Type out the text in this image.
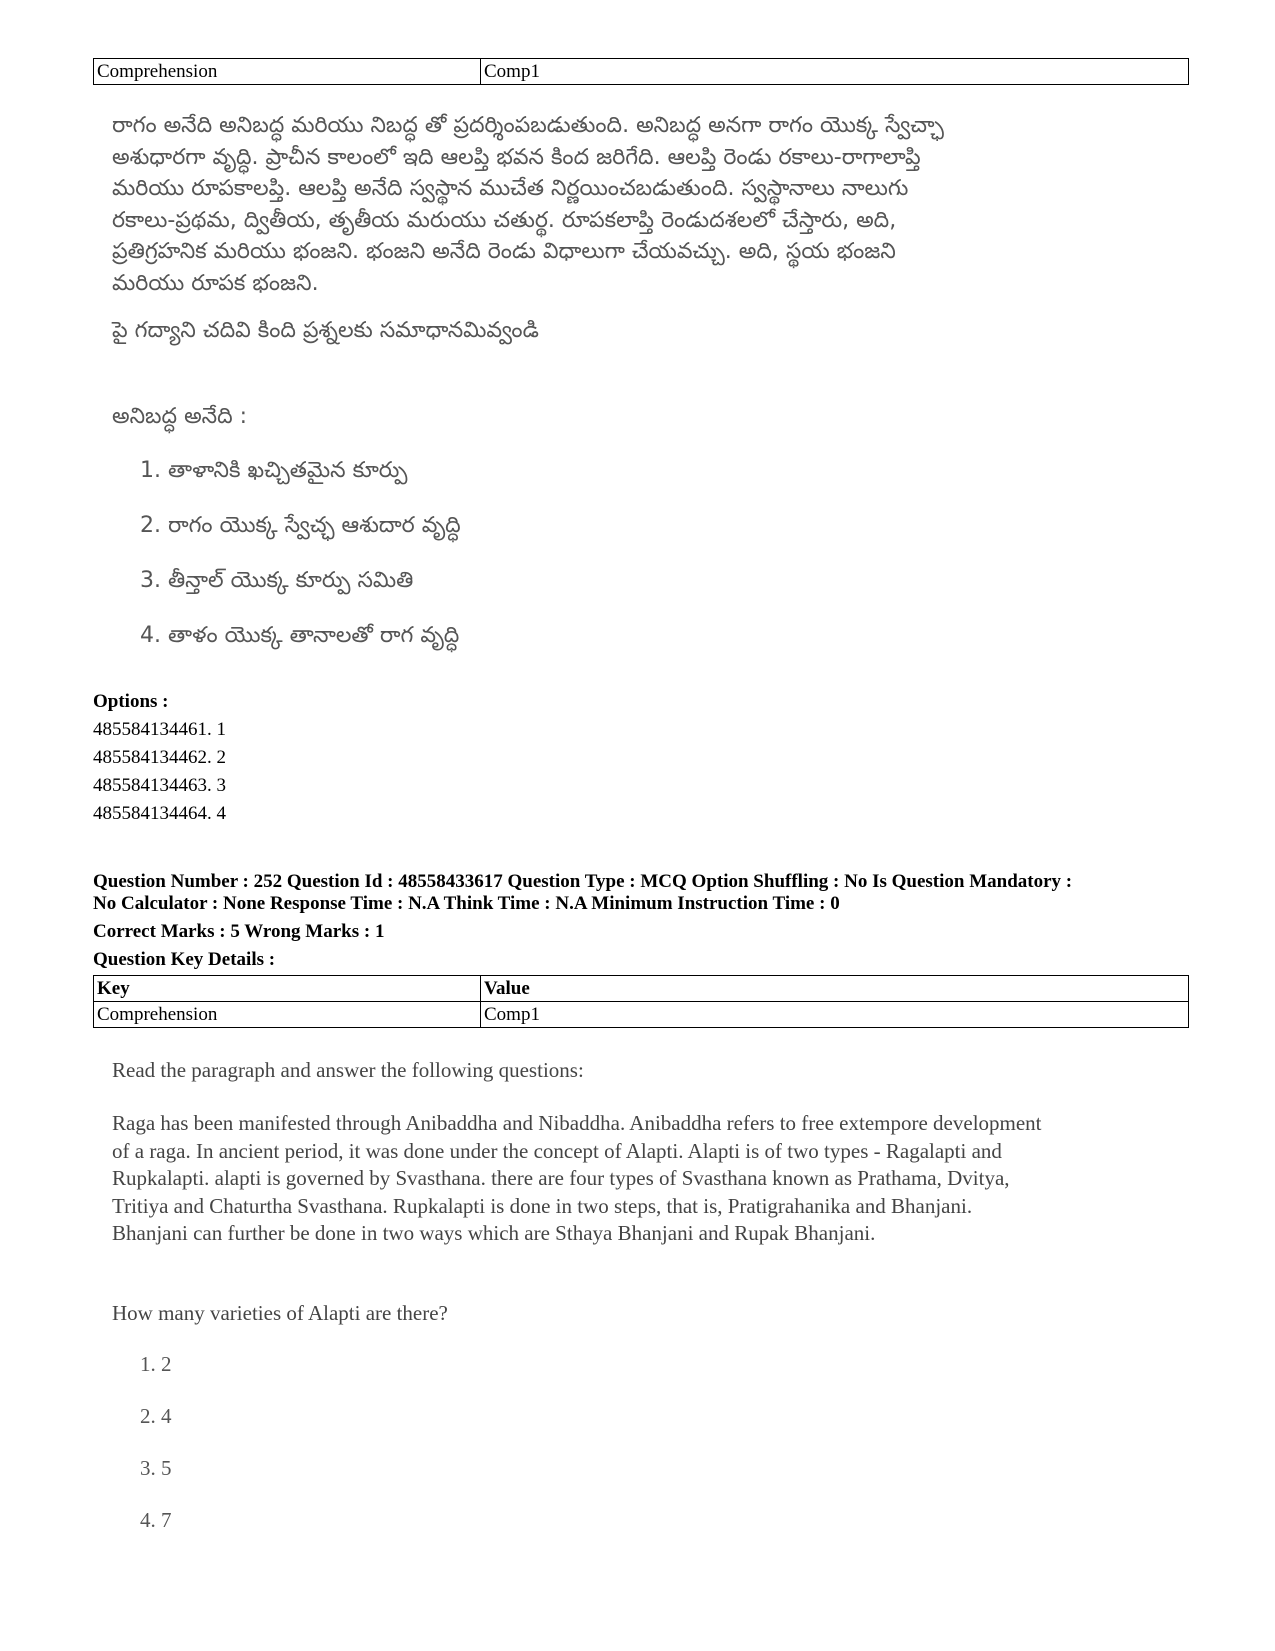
Comprehension	Comp1
రాగం అనేది అనిబద్ధ మరియు నిబద్ధ తో ప్రదర్శింపబడుతుంది. అనిబద్ధ అనగా రాగం యొక్క స్వేచ్ఛా
అశుధారగా వృద్ధి. ప్రాచీన కాలంలో ఇది ఆలప్తి భవన కింద జరిగేది. ఆలప్తి రెండు రకాలు-రాగాలాప్తి
మరియు రూపకాలప్తి. ఆలప్తి అనేది స్వస్థాన ముచేత నిర్ణయించబడుతుంది. స్వస్థానాలు నాలుగు
రకాలు-ప్రథమ, ద్వితీయ, తృతీయ మరుయు చతుర్థ. రూపకలాప్తి రెండుదశలలో చేస్తారు, అది,
ప్రతిగ్రహనిక మరియు భంజని. భంజని అనేది రెండు విధాలుగా చేయవచ్చు. అది, స్థయ భంజని
మరియు రూపక భంజని.
పై గద్యాని చదివి కింది ప్రశ్నలకు సమాధానమివ్వండి
అనిబద్ధ అనేది :
1. తాళానికి ఖచ్చితమైన కూర్పు
2. రాగం యొక్క స్వేచ్ఛ ఆశుదార వృద్ధి
3. తీన్తాల్ యొక్క కూర్పు సమితి
4. తాళం యొక్క తానాలతో రాగ వృద్ధి
Options :
485584134461. 1
485584134462. 2
485584134463. 3
485584134464. 4
Question Number : 252 Question Id : 48558433617 Question Type : MCQ Option Shuffling : No Is Question Mandatory :
No Calculator : None Response Time : N.A Think Time : N.A Minimum Instruction Time : 0
Correct Marks : 5 Wrong Marks : 1
Question Key Details :
Key	Value
Comprehension	Comp1
Read the paragraph and answer the following questions:
Raga has been manifested through Anibaddha and Nibaddha. Anibaddha refers to free extempore development
of a raga. In ancient period, it was done under the concept of Alapti. Alapti is of two types - Ragalapti and
Rupkalapti. alapti is governed by Svasthana. there are four types of Svasthana known as Prathama, Dvitya,
Tritiya and Chaturtha Svasthana. Rupkalapti is done in two steps, that is, Pratigrahanika and Bhanjani.
Bhanjani can further be done in two ways which are Sthaya Bhanjani and Rupak Bhanjani.
How many varieties of Alapti are there?
1. 2
2. 4
3. 5
4. 7
